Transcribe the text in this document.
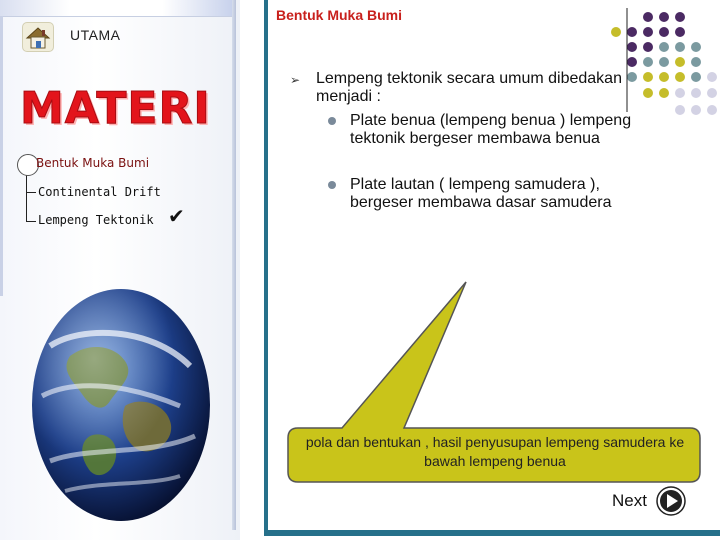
UTAMA
MATERI
Bentuk Muka Bumi
Continental Drift
Lempeng Tektonik ✔
Bentuk Muka Bumi
➢ Lempeng tektonik secara umum dibedakan menjadi :
Plate benua (lempeng benua ) lempeng tektonik bergeser membawa benua
Plate lautan ( lempeng samudera ), bergeser membawa dasar samudera
pola dan bentukan , hasil penyusupan lempeng samudera ke bawah lempeng benua
Next
